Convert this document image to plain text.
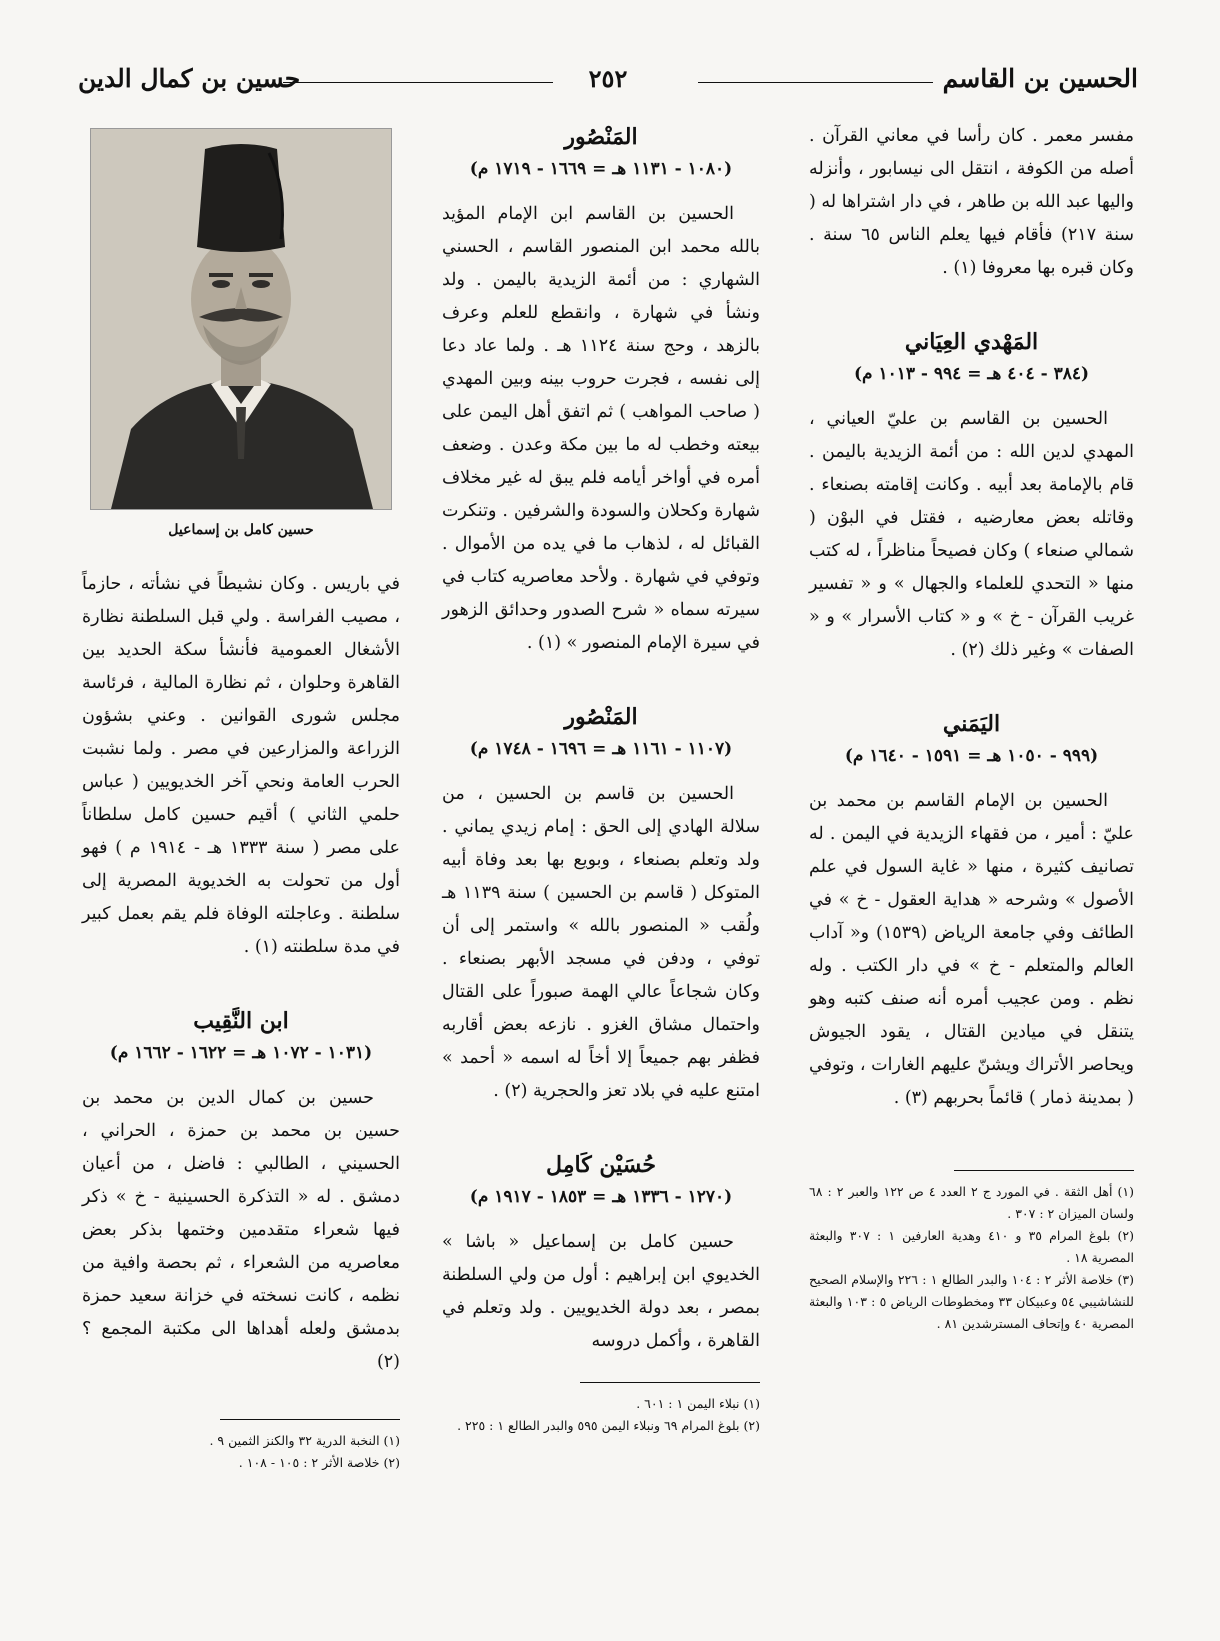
الحسين بن القاسم
٢٥٢
حسين بن كمال الدين

مفسر معمر . كان رأسا في معاني القرآن . أصله من الكوفة ، انتقل الى نيسابور ، وأنزله واليها عبد الله بن طاهر ، في دار اشتراها له ( سنة ٢١٧) فأقام فيها يعلم الناس ٦٥ سنة . وكان قبره بها معروفا (١) .

المَهْدي العِيَاني

(٣٨٤ - ٤٠٤ هـ = ٩٩٤ - ١٠١٣ م)

الحسين بن القاسم بن عليّ العياني ، المهدي لدين الله : من أئمة الزيدية باليمن . قام بالإمامة بعد أبيه . وكانت إقامته بصنعاء . وقاتله بعض معارضيه ، فقتل في البوْن ( شمالي صنعاء ) وكان فصيحاً مناظراً ، له كتب منها « التحدي للعلماء والجهال » و « تفسير غريب القرآن - خ » و « كتاب الأسرار » و « الصفات » وغير ذلك (٢) .

اليَمَني

(٩٩٩ - ١٠٥٠ هـ = ١٥٩١ - ١٦٤٠ م)

الحسين بن الإمام القاسم بن محمد بن عليّ : أمير ، من فقهاء الزيدية في اليمن . له تصانيف كثيرة ، منها « غاية السول في علم الأصول » وشرحه « هداية العقول - خ » في الطائف وفي جامعة الرياض (١٥٣٩) و« آداب العالم والمتعلم - خ » في دار الكتب . وله نظم . ومن عجيب أمره أنه صنف كتبه وهو يتنقل في ميادين القتال ، يقود الجيوش ويحاصر الأتراك ويشنّ عليهم الغارات ، وتوفي ( بمدينة ذمار ) قائماً بحربهم (٣) .

(١) أهل الثقة . في المورد ج ٢ العدد ٤ ص ١٢٢ والعبر ٢ : ٦٨ ولسان الميزان ٢ : ٣٠٧ .

(٢) بلوغ المرام ٣٥ و ٤١٠ وهدية العارفين ١ : ٣٠٧ والبعثة المصرية ١٨ .

(٣) خلاصة الأثر ٢ : ١٠٤ والبدر الطالع ١ : ٢٢٦ والإسلام الصحيح للنشاشيبي ٥٤ وعبيكان ٣٣ ومخطوطات الرياض ٥ : ١٠٣ والبعثة المصرية ٤٠ وإتحاف المسترشدين ٨١ .

المَنْصُور

(١٠٨٠ - ١١٣١ هـ = ١٦٦٩ - ١٧١٩ م)

الحسين بن القاسم ابن الإمام المؤيد بالله محمد ابن المنصور القاسم ، الحسني الشهاري : من أئمة الزيدية باليمن . ولد ونشأ في شهارة ، وانقطع للعلم وعرف بالزهد ، وحج سنة ١١٢٤ هـ . ولما عاد دعا إلى نفسه ، فجرت حروب بينه وبين المهدي ( صاحب المواهب ) ثم اتفق أهل اليمن على بيعته وخطب له ما بين مكة وعدن . وضعف أمره في أواخر أيامه فلم يبق له غير مخلاف شهارة وكحلان والسودة والشرفين . وتنكرت القبائل له ، لذهاب ما في يده من الأموال . وتوفي في شهارة . ولأحد معاصريه كتاب في سيرته سماه « شرح الصدور وحدائق الزهور في سيرة الإمام المنصور » (١) .

المَنْصُور

(١١٠٧ - ١١٦١ هـ = ١٦٩٦ - ١٧٤٨ م)

الحسين بن قاسم بن الحسين ، من سلالة الهادي إلى الحق : إمام زيدي يماني . ولد وتعلم بصنعاء ، وبويع بها بعد وفاة أبيه المتوكل ( قاسم بن الحسين ) سنة ١١٣٩ هـ ولُقب « المنصور بالله » واستمر إلى أن توفي ، ودفن في مسجد الأبهر بصنعاء . وكان شجاعاً عالي الهمة صبوراً على القتال واحتمال مشاق الغزو . نازعه بعض أقاربه فظفر بهم جميعاً إلا أخاً له اسمه « أحمد » امتنع عليه في بلاد تعز والحجرية (٢) .

حُسَيْن كَامِل

(١٢٧٠ - ١٣٣٦ هـ = ١٨٥٣ - ١٩١٧ م)

حسين كامل بن إسماعيل « باشا » الخديوي ابن إبراهيم : أول من ولي السلطنة بمصر ، بعد دولة الخديويين . ولد وتعلم في القاهرة ، وأكمل دروسه

(١) نبلاء اليمن ١ : ٦٠١ .

(٢) بلوغ المرام ٦٩ ونبلاء اليمن ٥٩٥ والبدر الطالع ١ : ٢٢٥ .

حسين كامل بن إسماعيل

في باريس . وكان نشيطاً في نشأته ، حازماً ، مصيب الفراسة . ولي قبل السلطنة نظارة الأشغال العمومية فأنشأ سكة الحديد بين القاهرة وحلوان ، ثم نظارة المالية ، فرئاسة مجلس شورى القوانين . وعني بشؤون الزراعة والمزارعين في مصر . ولما نشبت الحرب العامة ونحي آخر الخديويين ( عباس حلمي الثاني ) أقيم حسين كامل سلطاناً على مصر ( سنة ١٣٣٣ هـ - ١٩١٤ م ) فهو أول من تحولت به الخديوية المصرية إلى سلطنة . وعاجلته الوفاة فلم يقم بعمل كبير في مدة سلطنته (١) .

ابن النَّقِيب

(١٠٣١ - ١٠٧٢ هـ = ١٦٢٢ - ١٦٦٢ م)

حسين بن كمال الدين بن محمد بن حسين بن محمد بن حمزة ، الحراني ، الحسيني ، الطالبي : فاضل ، من أعيان دمشق . له « التذكرة الحسينية - خ » ذكر فيها شعراء متقدمين وختمها بذكر بعض معاصريه من الشعراء ، ثم بحصة وافية من نظمه ، كانت نسخته في خزانة سعيد حمزة بدمشق ولعله أهداها الى مكتبة المجمع ؟ (٢)

(١) النخبة الدرية ٣٢ والكنز الثمين ٩ .

(٢) خلاصة الأثر ٢ : ١٠٥ - ١٠٨ .
